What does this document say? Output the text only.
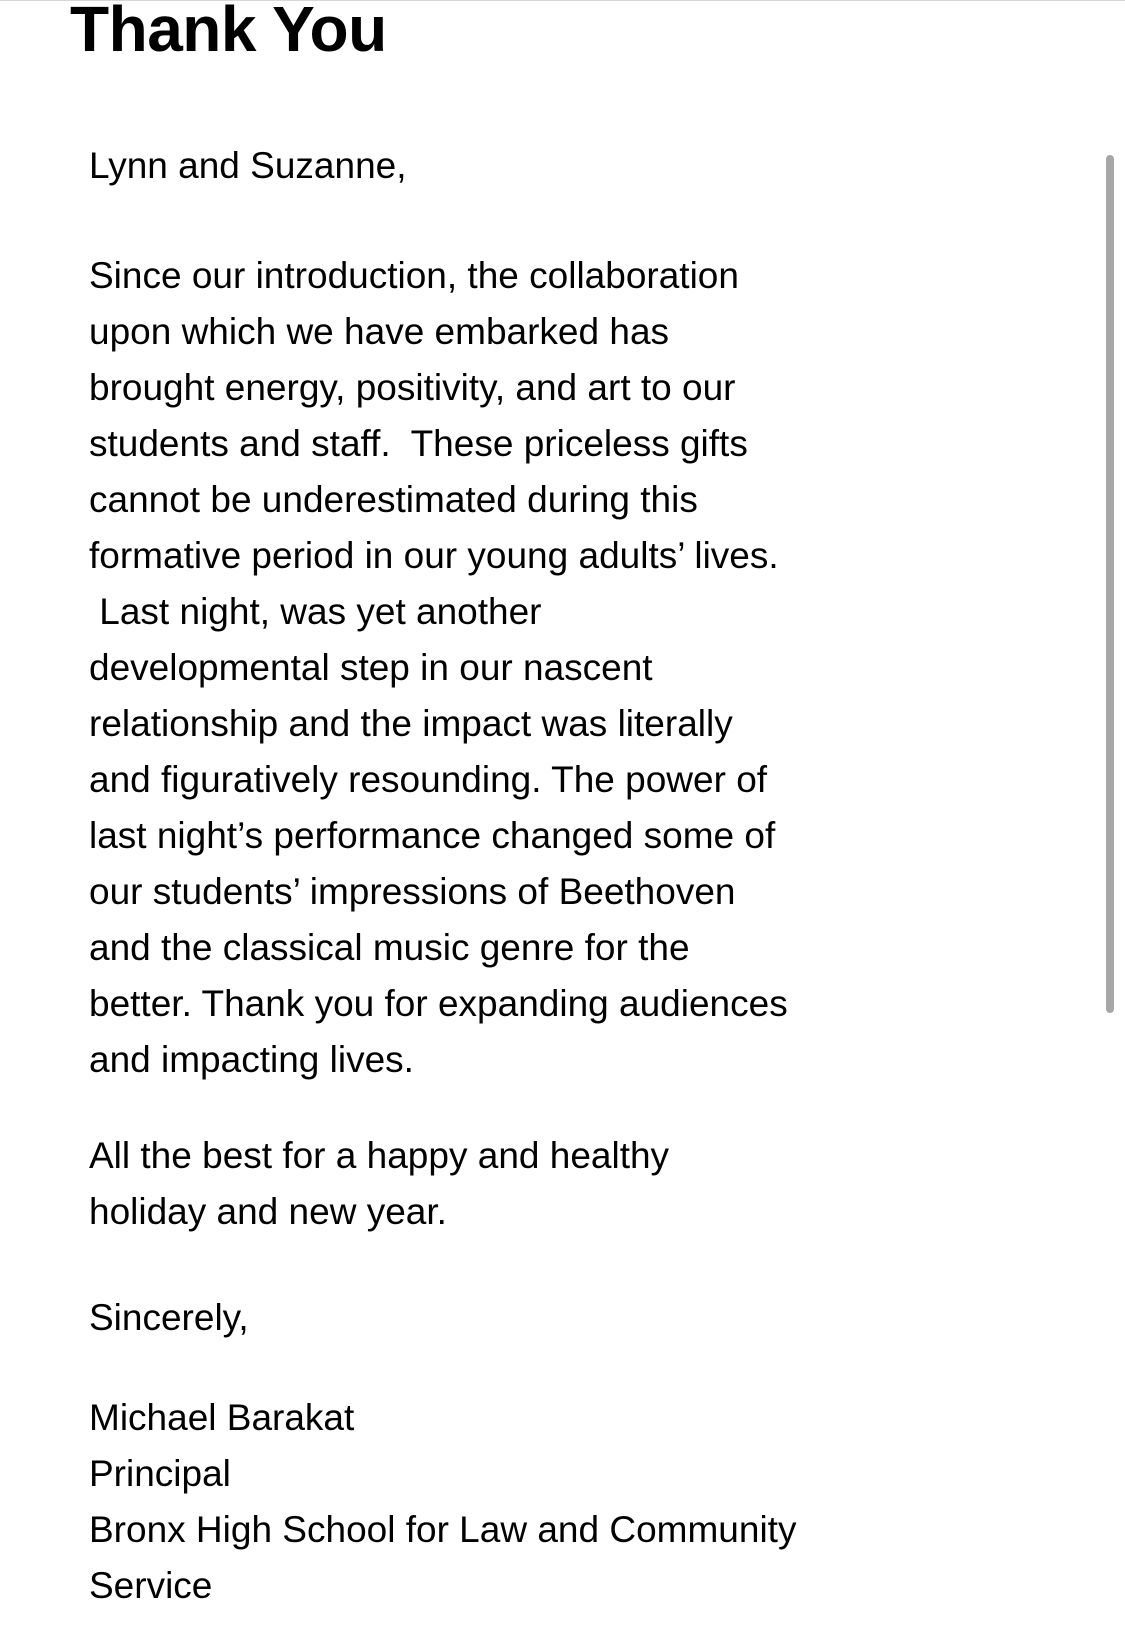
Thank You
Lynn and Suzanne,
Since our introduction, the collaboration
upon which we have embarked has
brought energy, positivity, and art to our
students and staff.  These priceless gifts
cannot be underestimated during this
formative period in our young adults’ lives.
Last night, was yet another
developmental step in our nascent
relationship and the impact was literally
and figuratively resounding. The power of
last night’s performance changed some of
our students’ impressions of Beethoven
and the classical music genre for the
better. Thank you for expanding audiences
and impacting lives.
All the best for a happy and healthy
holiday and new year.
Sincerely,
Michael Barakat
Principal
Bronx High School for Law and Community
Service
